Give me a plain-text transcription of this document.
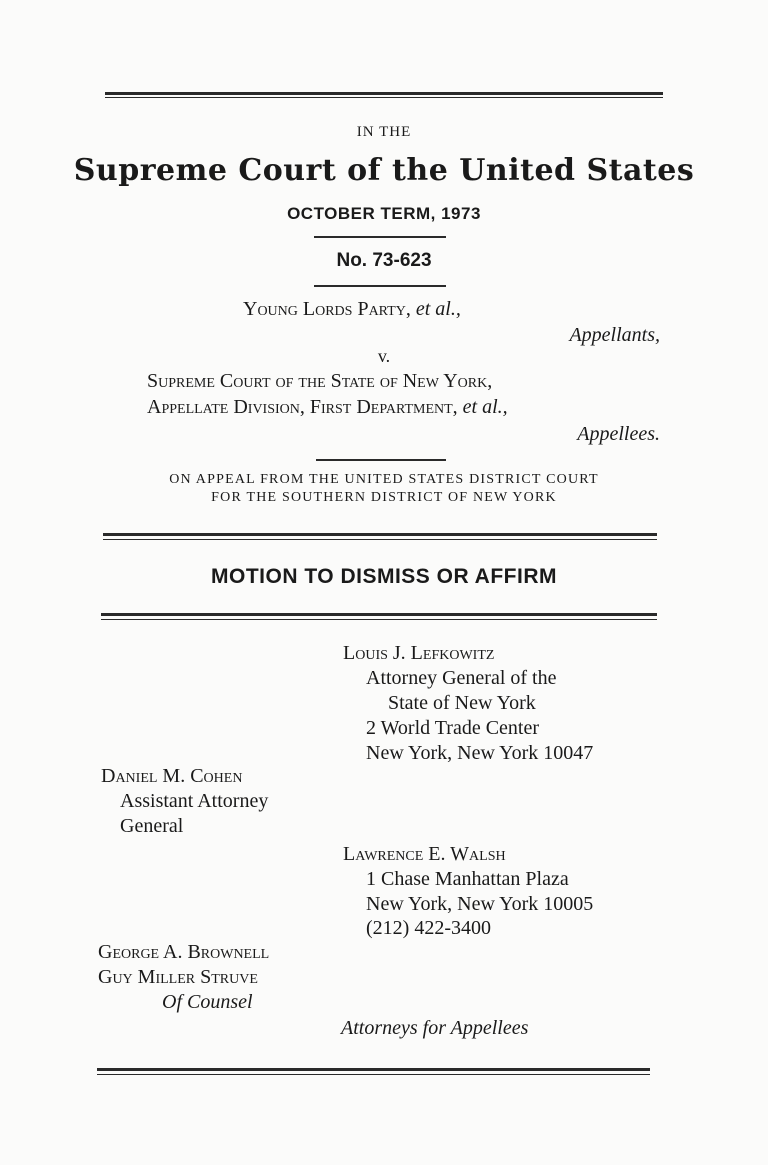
IN THE
Supreme Court of the United States
OCTOBER TERM, 1973
No. 73-623
Young Lords Party, et al.,
Appellants,
v.
Supreme Court of the State of New York,
Appellate Division, First Department, et al.,
Appellees.
ON APPEAL FROM THE UNITED STATES DISTRICT COURT
FOR THE SOUTHERN DISTRICT OF NEW YORK
MOTION TO DISMISS OR AFFIRM
Louis J. Lefkowitz
Attorney General of the
State of New York
2 World Trade Center
New York, New York 10047
Daniel M. Cohen
Assistant Attorney
General
Lawrence E. Walsh
1 Chase Manhattan Plaza
New York, New York 10005
(212) 422-3400
George A. Brownell
Guy Miller Struve
Of Counsel
Attorneys for Appellees
